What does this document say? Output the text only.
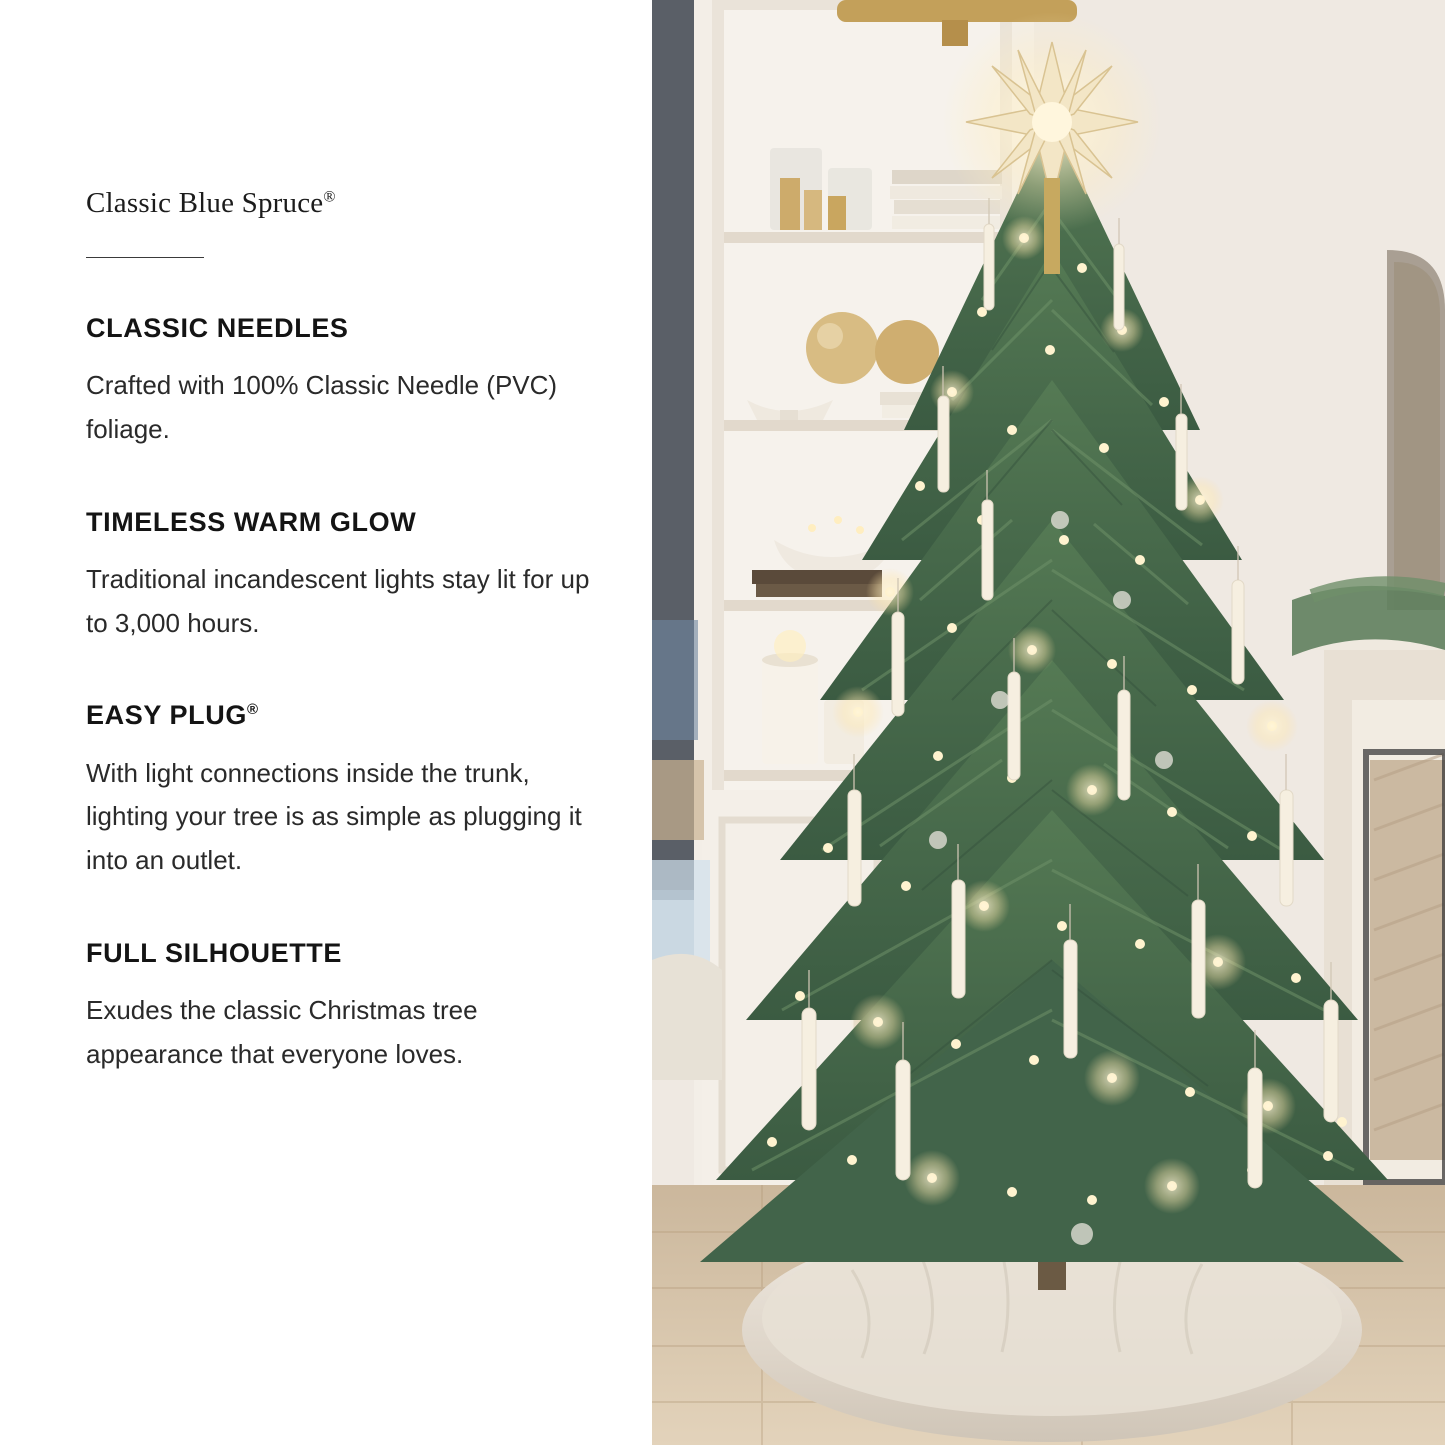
Classic Blue Spruce®
CLASSIC NEEDLES
Crafted with 100% Classic Needle (PVC) foliage.
TIMELESS WARM GLOW
Traditional incandescent lights stay lit for up to 3,000 hours.
EASY PLUG®
With light connections inside the trunk, lighting your tree is as simple as plugging it into an outlet.
FULL SILHOUETTE
Exudes the classic Christmas tree appearance that everyone loves.
